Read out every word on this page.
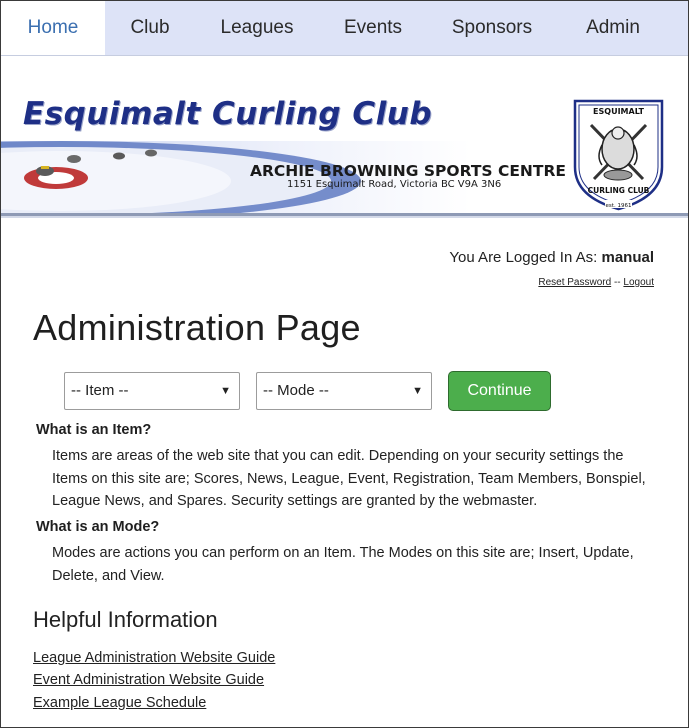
Home	Club	Leagues	Events	Sponsors	Admin
Esquimalt Curling Club
ARCHIE BROWNING SPORTS CENTRE
1151 Esquimalt Road, Victoria BC V9A 3N6
ESQUIMALT
CURLING CLUB
est. 1961
You Are Logged In As: manual
Reset Password -- Logout
Administration Page
-- Item --	▼	-- Mode --	▼	Continue
What is an Item?
Items are areas of the web site that you can edit. Depending on your security settings the
Items on this site are; Scores, News, League, Event, Registration, Team Members, Bonspiel,
League News, and Spares. Security settings are granted by the webmaster.
What is an Mode?
Modes are actions you can perform on an Item. The Modes on this site are; Insert, Update,
Delete, and View.
Helpful Information
League Administration Website Guide
Event Administration Website Guide
Example League Schedule
